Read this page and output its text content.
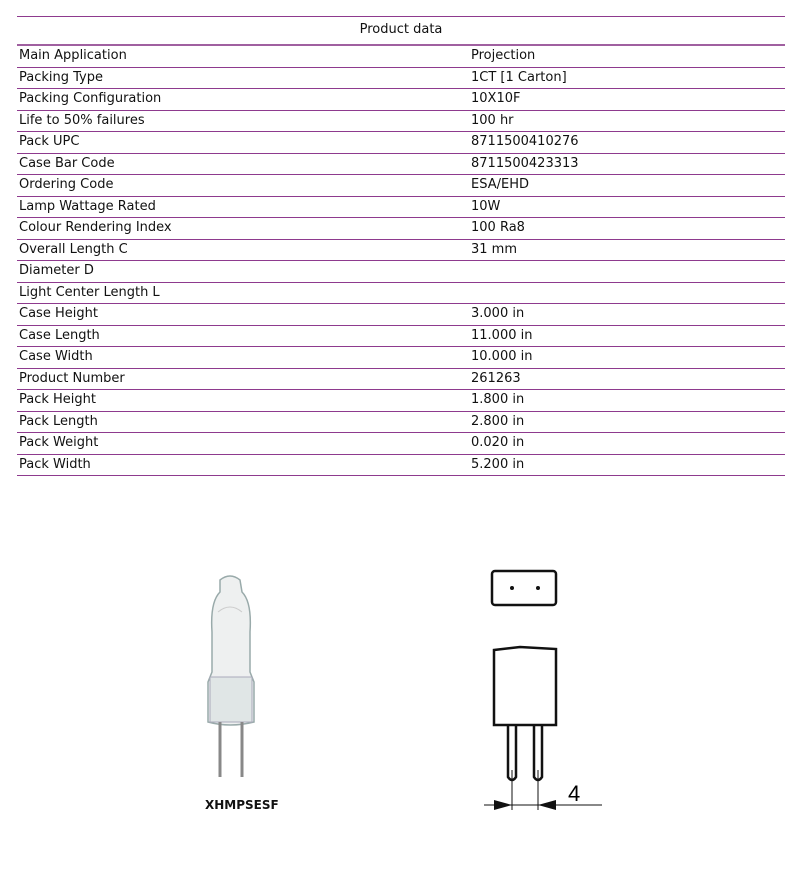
Product data
Main Application	Projection
Packing Type	1CT [1 Carton]
Packing Configuration	10X10F
Life to 50% failures	100 hr
Pack UPC	8711500410276
Case Bar Code	8711500423313
Ordering Code	ESA/EHD
Lamp Wattage Rated	10W
Colour Rendering Index	100 Ra8
Overall Length C	31 mm
Diameter D
Light Center Length L
Case Height	3.000 in
Case Length	11.000 in
Case Width	10.000 in
Product Number	261263
Pack Height	1.800 in
Pack Length	2.800 in
Pack Weight	0.020 in
Pack Width	5.200 in
XHMPSESF	4
